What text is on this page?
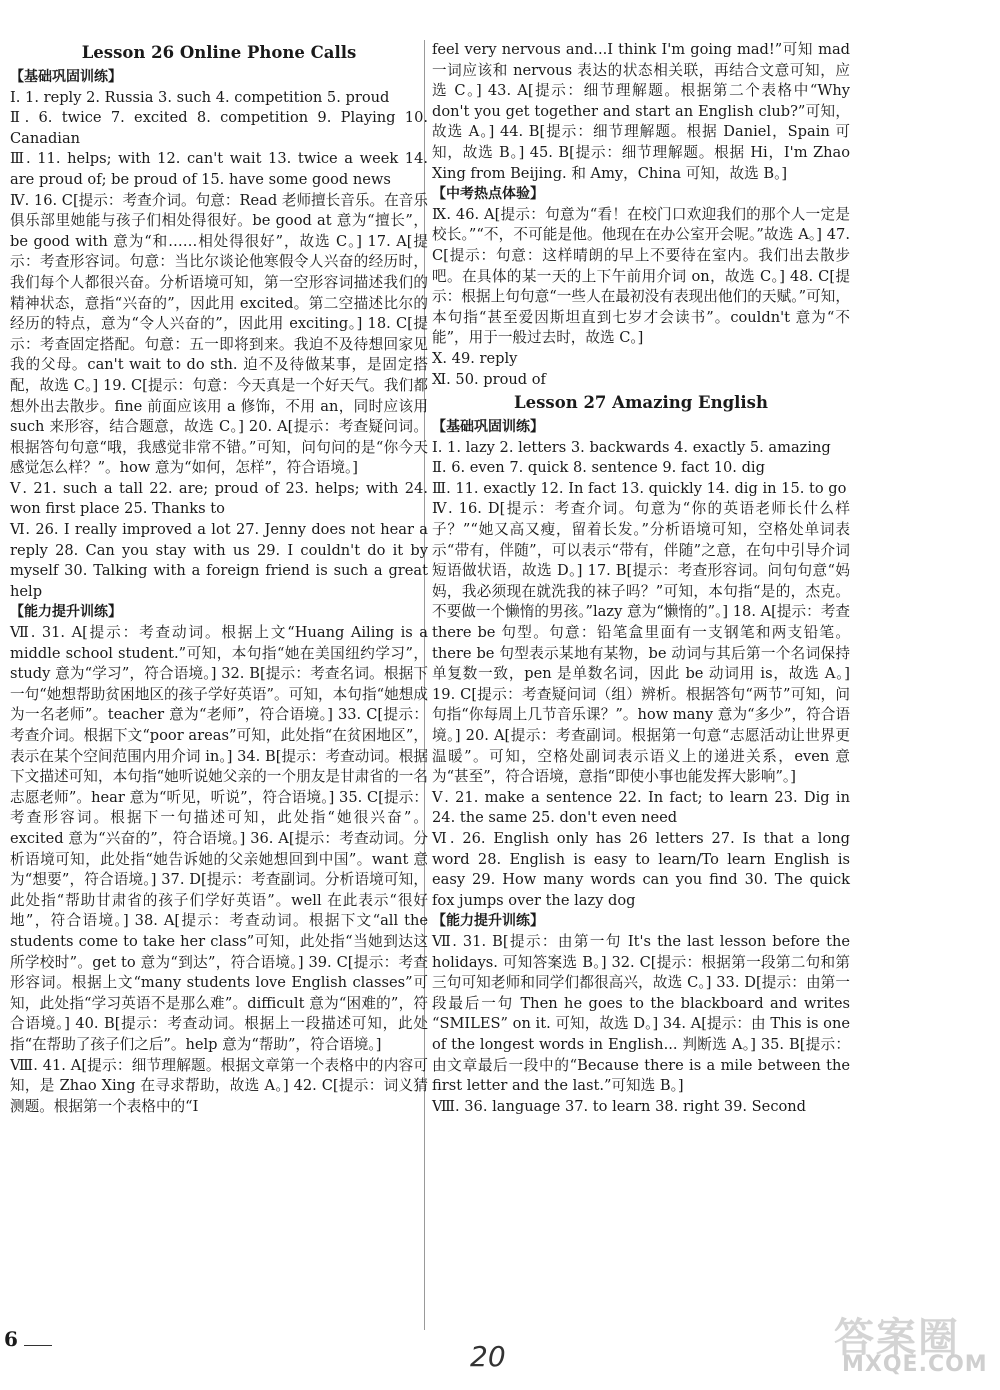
Lesson 26 Online Phone Calls
【基础巩固训练】
Ⅰ. 1. reply 2. Russia 3. such 4. competition 5. proud
Ⅱ. 6. twice 7. excited 8. competition 9. Playing 10. Canadian
Ⅲ. 11. helps; with 12. can't wait 13. twice a week 14. are proud of; be proud of 15. have some good news
Ⅳ. 16. C[提示：考查介词。句意：Read 老师擅长音乐。在音乐俱乐部里她能与孩子们相处得很好。be good at 意为“擅长”，be good with 意为“和……相处得很好”，故选 C。] 17. A[提示：考查形容词。句意：当比尔谈论他寒假令人兴奋的经历时，我们每个人都很兴奋。分析语境可知，第一空形容词描述我们的精神状态，意指“兴奋的”，因此用 excited。第二空描述比尔的经历的特点，意为“令人兴奋的”，因此用 exciting。] 18. C[提示：考查固定搭配。句意：五一即将到来。我迫不及待想回家见我的父母。can't wait to do sth. 迫不及待做某事，是固定搭配，故选 C。] 19. C[提示：句意：今天真是一个好天气。我们都想外出去散步。fine 前面应该用 a 修饰，不用 an，同时应该用 such 来形容，结合题意，故选 C。] 20. A[提示：考查疑问词。根据答句句意“哦，我感觉非常不错。”可知，问句问的是“你今天感觉怎么样？”。how 意为“如何，怎样”，符合语境。]
Ⅴ. 21. such a tall 22. are; proud of 23. helps; with 24. won first place 25. Thanks to
Ⅵ. 26. I really improved a lot 27. Jenny does not hear a reply 28. Can you stay with us 29. I couldn't do it by myself 30. Talking with a foreign friend is such a great help
【能力提升训练】
Ⅶ. 31. A[提示：考查动词。根据上文“Huang Ailing is a middle school student.”可知，本句指“她在美国纽约学习”，study 意为“学习”，符合语境。] 32. B[提示：考查名词。根据下一句“她想帮助贫困地区的孩子学好英语”。可知，本句指“她想成为一名老师”。teacher 意为“老师”，符合语境。] 33. C[提示：考查介词。根据下文“poor areas”可知，此处指“在贫困地区”，表示在某个空间范围内用介词 in。] 34. B[提示：考查动词。根据下文描述可知，本句指“她听说她父亲的一个朋友是甘肃省的一名志愿老师”。hear 意为“听见，听说”，符合语境。] 35. C[提示：考查形容词。根据下一句描述可知，此处指“她很兴奋”。excited 意为“兴奋的”，符合语境。] 36. A[提示：考查动词。分析语境可知，此处指“她告诉她的父亲她想回到中国”。want 意为“想要”，符合语境。] 37. D[提示：考查副词。分析语境可知，此处指“帮助甘肃省的孩子们学好英语”。well 在此表示“很好地”，符合语境。] 38. A[提示：考查动词。根据下文“all the students come to take her class”可知，此处指“当她到达这所学校时”。get to 意为“到达”，符合语境。] 39. C[提示：考查形容词。根据上文“many students love English classes”可知，此处指“学习英语不是那么难”。difficult 意为“困难的”，符合语境。] 40. B[提示：考查动词。根据上一段描述可知，此处指“在帮助了孩子们之后”。help 意为“帮助”，符合语境。]
Ⅷ. 41. A[提示：细节理解题。根据文章第一个表格中的内容可知，是 Zhao Xing 在寻求帮助，故选 A。] 42. C[提示：词义猜测题。根据第一个表格中的“I
feel very nervous and...I think I'm going mad!”可知 mad 一词应该和 nervous 表达的状态相关联，再结合文意可知，应选 C。] 43. A[提示：细节理解题。根据第二个表格中“Why don't you get together and start an English club?”可知，故选 A。] 44. B[提示：细节理解题。根据 Daniel，Spain 可知，故选 B。] 45. B[提示：细节理解题。根据 Hi，I'm Zhao Xing from Beijing. 和 Amy，China 可知，故选 B。]
【中考热点体验】
Ⅸ. 46. A[提示：句意为“看！在校门口欢迎我们的那个人一定是校长。”“不，不可能是他。他现在在办公室开会呢。”故选 A。] 47. C[提示：句意：这样晴朗的早上不要待在室内。我们出去散步吧。在具体的某一天的上下午前用介词 on，故选 C。] 48. C[提示：根据上句句意“一些人在最初没有表现出他们的天赋。”可知，本句指“甚至爱因斯坦直到七岁才会读书”。couldn't 意为“不能”，用于一般过去时，故选 C。]
Ⅹ. 49. reply
Ⅺ. 50. proud of
Lesson 27 Amazing English
【基础巩固训练】
Ⅰ. 1. lazy 2. letters 3. backwards 4. exactly 5. amazing
Ⅱ. 6. even 7. quick 8. sentence 9. fact 10. dig
Ⅲ. 11. exactly 12. In fact 13. quickly 14. dig in 15. to go
Ⅳ. 16. D[提示：考查介词。句意为“你的英语老师长什么样子？”“她又高又瘦，留着长发。”分析语境可知，空格处单词表示“带有，伴随”，可以表示“带有，伴随”之意，在句中引导介词短语做状语，故选 D。] 17. B[提示：考查形容词。问句句意“妈妈，我必须现在就洗我的袜子吗？”可知，本句指“是的，杰克。不要做一个懒惰的男孩。”lazy 意为“懒惰的”。] 18. A[提示：考查 there be 句型。句意：铅笔盒里面有一支钢笔和两支铅笔。there be 句型表示某地有某物，be 动词与其后第一个名词保持单复数一致，pen 是单数名词，因此 be 动词用 is，故选 A。] 19. C[提示：考查疑问词（组）辨析。根据答句“两节”可知，问句指“你每周上几节音乐课？”。how many 意为“多少”，符合语境。] 20. A[提示：考查副词。根据第一句意“志愿活动让世界更温暖”。可知，空格处副词表示语义上的递进关系，even 意为“甚至”，符合语境，意指“即使小事也能发挥大影响”。]
Ⅴ. 21. make a sentence 22. In fact; to learn 23. Dig in 24. the same 25. don't even need
Ⅵ. 26. English only has 26 letters 27. Is that a long word 28. English is easy to learn/To learn English is easy 29. How many words can you find 30. The quick fox jumps over the lazy dog
【能力提升训练】
Ⅶ. 31. B[提示：由第一句 It's the last lesson before the holidays. 可知答案选 B。] 32. C[提示：根据第一段第二句和第三句可知老师和同学们都很高兴，故选 C。] 33. D[提示：由第一段最后一句 Then he goes to the blackboard and writes “SMILES” on it. 可知，故选 D。] 34. A[提示：由 This is one of the longest words in English... 判断选 A。] 35. B[提示：由文章最后一段中的“Because there is a mile between the first letter and the last.”可知选 B。]
Ⅷ. 36. language 37. to learn 38. right 39. Second
6
20	答案圈
MXQE.COM
